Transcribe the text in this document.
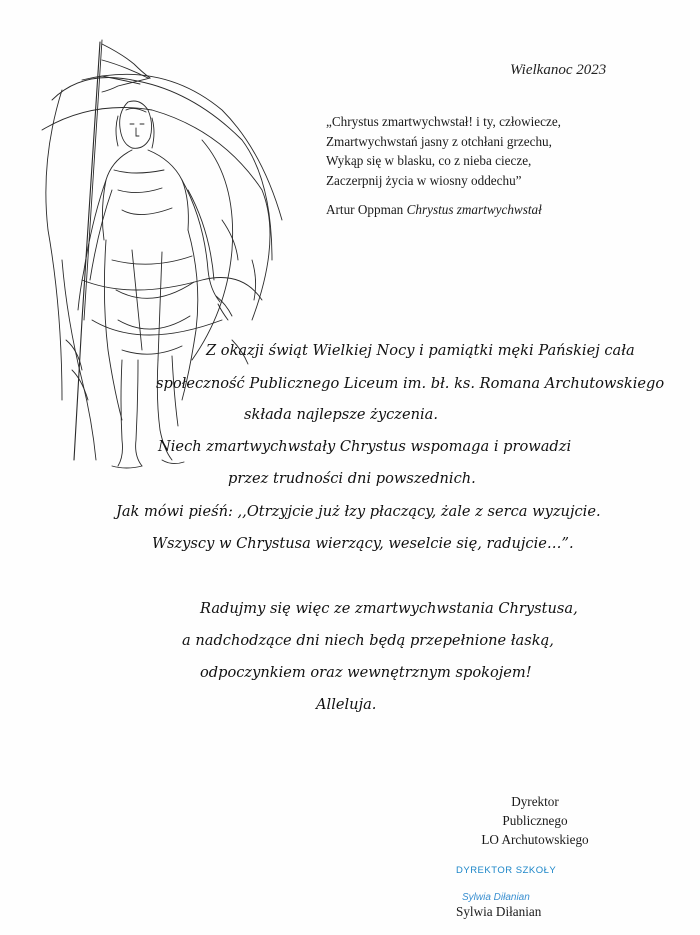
Wielkanoc 2023
„Chrystus zmartwychwstał! i ty, człowiecze,
Zmartwychwstań jasny z otchłani grzechu,
Wykąp się w blasku, co z nieba ciecze,
Zaczerpnij życia w wiosny oddechu”
Artur Oppman Chrystus zmartwychwstał
Z okazji świąt Wielkiej Nocy i pamiątki męki Pańskiej cała
społeczność Publicznego Liceum im. bł. ks. Romana Archutowskiego
składa najlepsze życzenia.
Niech zmartwychwstały Chrystus wspomaga i prowadzi
przez trudności dni powszednich.
Jak mówi pieśń: ,,Otrzyjcie już łzy płaczący, żale z serca wyzujcie.
Wszyscy w Chrystusa wierzący, weselcie się, radujcie…”.
Radujmy się więc ze zmartwychwstania Chrystusa,
a nadchodzące dni niech będą przepełnione łaską,
odpoczynkiem oraz wewnętrznym spokojem!
Alleluja.
Dyrektor
Publicznego
LO Archutowskiego
DYREKTOR SZKOŁY
Sylwia Diłanian
Sylwia Diłanian
